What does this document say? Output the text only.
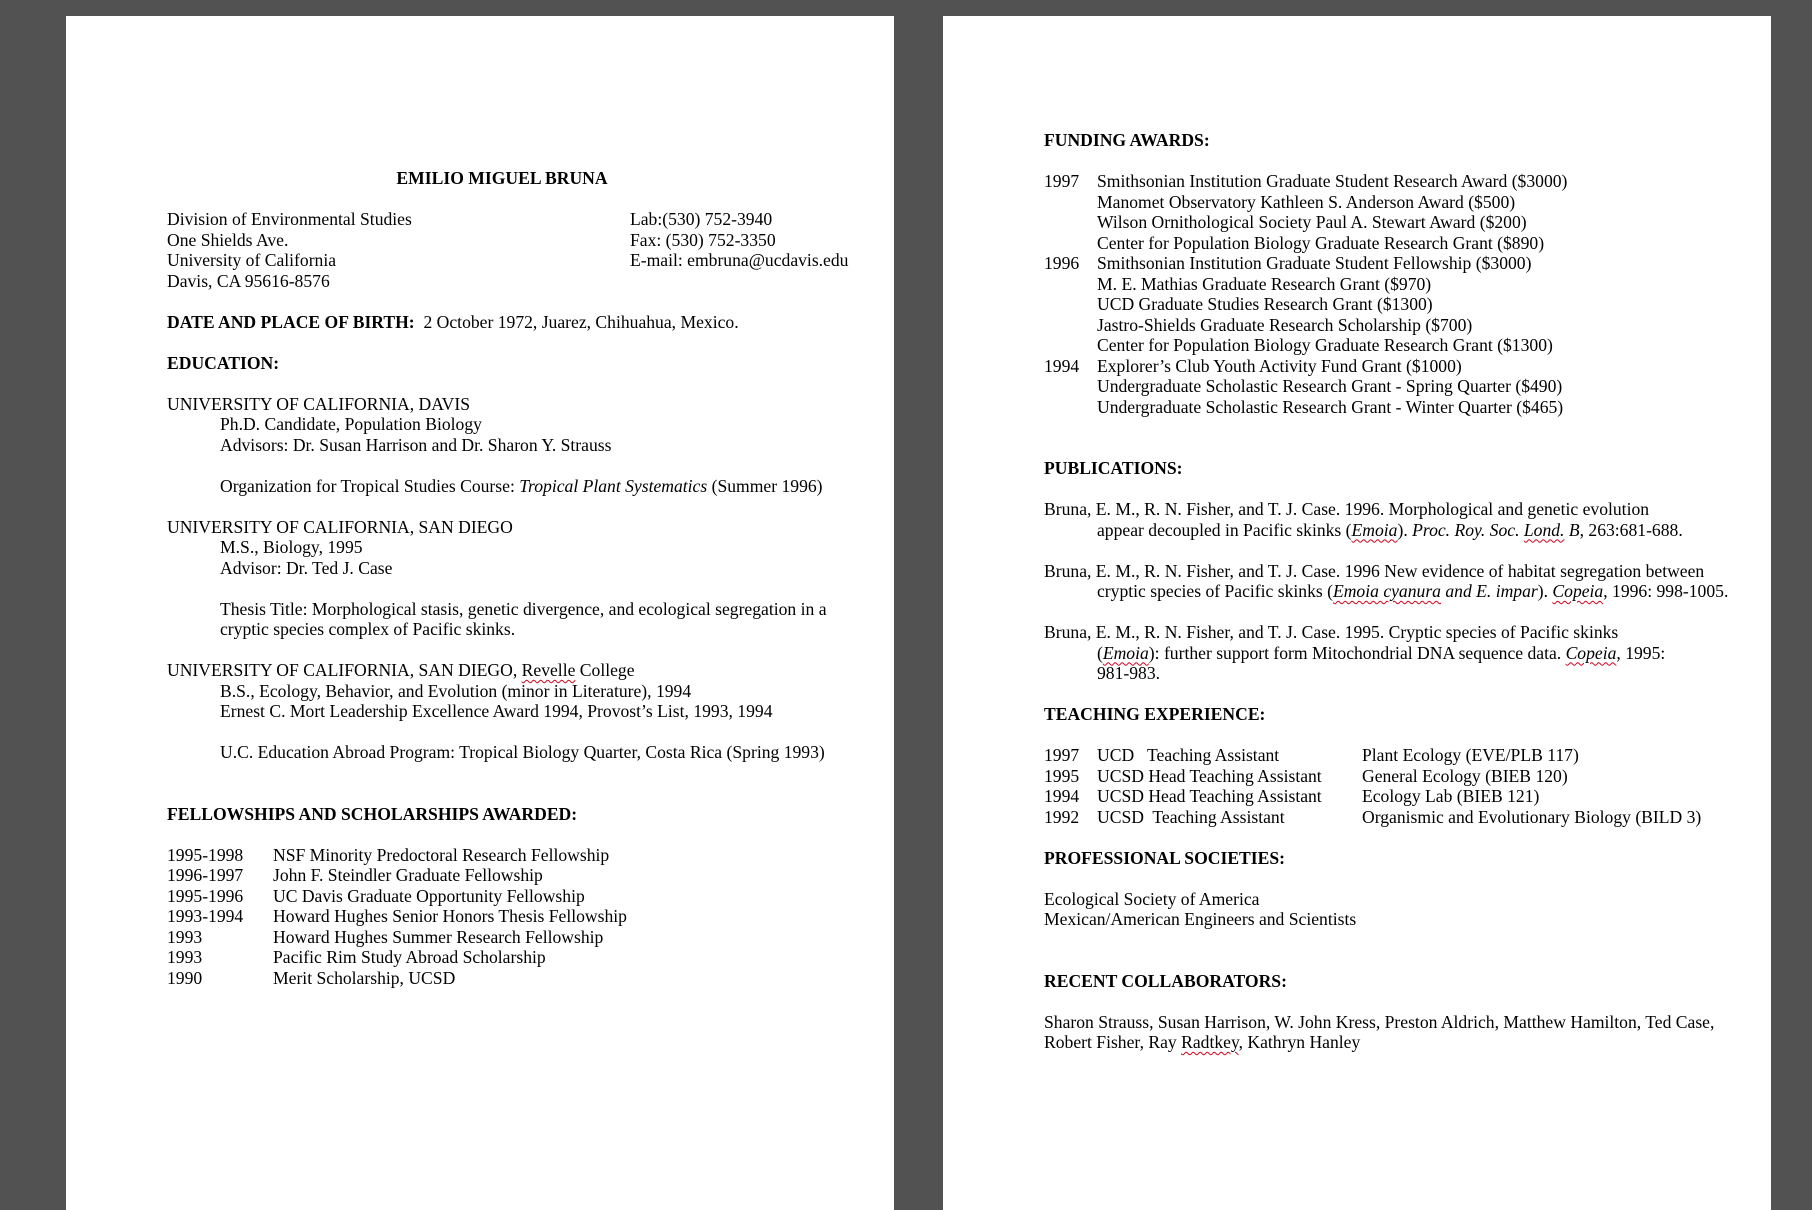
EMILIO MIGUEL BRUNA
Division of Environmental Studies
One Shields Ave.
University of California
Davis, CA 95616-8576
Lab:(530) 752-3940
Fax: (530) 752-3350
E-mail: embruna@ucdavis.edu
DATE AND PLACE OF BIRTH: 2 October 1972, Juarez, Chihuahua, Mexico.
EDUCATION:
UNIVERSITY OF CALIFORNIA, DAVIS
Ph.D. Candidate, Population Biology
Advisors: Dr. Susan Harrison and Dr. Sharon Y. Strauss
Organization for Tropical Studies Course: Tropical Plant Systematics (Summer 1996)
UNIVERSITY OF CALIFORNIA, SAN DIEGO
M.S., Biology, 1995
Advisor: Dr. Ted J. Case
Thesis Title: Morphological stasis, genetic divergence, and ecological segregation in a
cryptic species complex of Pacific skinks.
UNIVERSITY OF CALIFORNIA, SAN DIEGO, Revelle College
B.S., Ecology, Behavior, and Evolution (minor in Literature), 1994
Ernest C. Mort Leadership Excellence Award 1994, Provost’s List, 1993, 1994
U.C. Education Abroad Program: Tropical Biology Quarter, Costa Rica (Spring 1993)
FELLOWSHIPS AND SCHOLARSHIPS AWARDED:
1995-1998	NSF Minority Predoctoral Research Fellowship
1996-1997	John F. Steindler Graduate Fellowship
1995-1996	UC Davis Graduate Opportunity Fellowship
1993-1994	Howard Hughes Senior Honors Thesis Fellowship
1993	Howard Hughes Summer Research Fellowship
1993	Pacific Rim Study Abroad Scholarship
1990	Merit Scholarship, UCSD
FUNDING AWARDS:
1997	Smithsonian Institution Graduate Student Research Award ($3000)
Manomet Observatory Kathleen S. Anderson Award ($500)
Wilson Ornithological Society Paul A. Stewart Award ($200)
Center for Population Biology Graduate Research Grant ($890)
1996	Smithsonian Institution Graduate Student Fellowship ($3000)
M. E. Mathias Graduate Research Grant ($970)
UCD Graduate Studies Research Grant ($1300)
Jastro-Shields Graduate Research Scholarship ($700)
Center for Population Biology Graduate Research Grant ($1300)
1994	Explorer’s Club Youth Activity Fund Grant ($1000)
Undergraduate Scholastic Research Grant - Spring Quarter ($490)
Undergraduate Scholastic Research Grant - Winter Quarter ($465)
PUBLICATIONS:
Bruna, E. M., R. N. Fisher, and T. J. Case. 1996. Morphological and genetic evolution
appear decoupled in Pacific skinks (Emoia). Proc. Roy. Soc. Lond. B, 263:681-688.
Bruna, E. M., R. N. Fisher, and T. J. Case. 1996 New evidence of habitat segregation between
cryptic species of Pacific skinks (Emoia cyanura and E. impar). Copeia, 1996: 998-1005.
Bruna, E. M., R. N. Fisher, and T. J. Case. 1995. Cryptic species of Pacific skinks
(Emoia): further support form Mitochondrial DNA sequence data. Copeia, 1995:
981-983.
TEACHING EXPERIENCE:
1997	UCD   Teaching Assistant	Plant Ecology (EVE/PLB 117)
1995	UCSD Head Teaching Assistant	General Ecology (BIEB 120)
1994	UCSD Head Teaching Assistant	Ecology Lab (BIEB 121)
1992	UCSD  Teaching Assistant	Organismic and Evolutionary Biology (BILD 3)
PROFESSIONAL SOCIETIES:
Ecological Society of America
Mexican/American Engineers and Scientists
RECENT COLLABORATORS:
Sharon Strauss, Susan Harrison, W. John Kress, Preston Aldrich, Matthew Hamilton, Ted Case,
Robert Fisher, Ray Radtkey, Kathryn Hanley
